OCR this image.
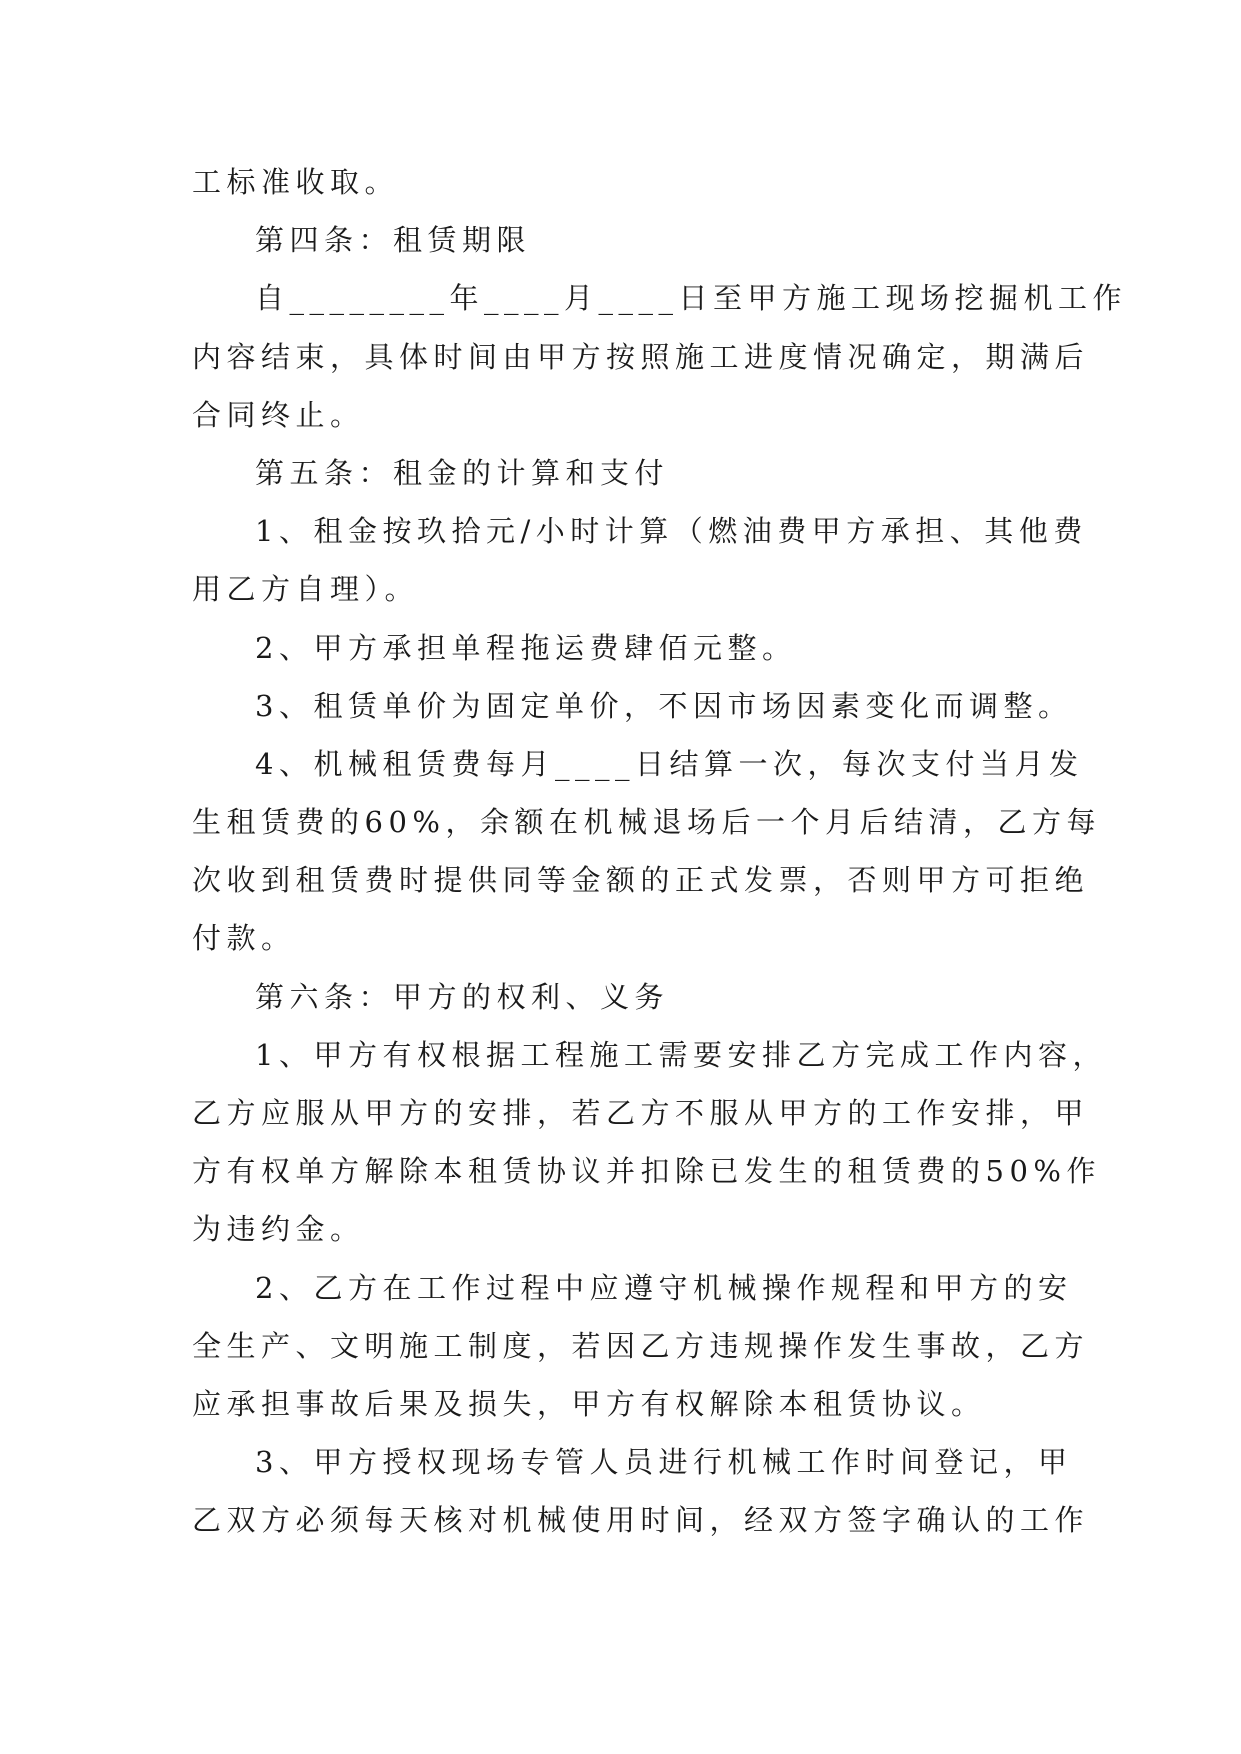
工标准收取。
第四条：租赁期限
自________年____月____日至甲方施工现场挖掘机工作
内容结束，具体时间由甲方按照施工进度情况确定，期满后
合同终止。
第五条：租金的计算和支付
1、租金按玖拾元/小时计算（燃油费甲方承担、其他费
用乙方自理）。
2、甲方承担单程拖运费肆佰元整。
3、租赁单价为固定单价，不因市场因素变化而调整。
4、机械租赁费每月____日结算一次，每次支付当月发
生租赁费的60%，余额在机械退场后一个月后结清，乙方每
次收到租赁费时提供同等金额的正式发票，否则甲方可拒绝
付款。
第六条：甲方的权利、义务
1、甲方有权根据工程施工需要安排乙方完成工作内容，
乙方应服从甲方的安排，若乙方不服从甲方的工作安排，甲
方有权单方解除本租赁协议并扣除已发生的租赁费的50%作
为违约金。
2、乙方在工作过程中应遵守机械操作规程和甲方的安
全生产、文明施工制度，若因乙方违规操作发生事故，乙方
应承担事故后果及损失，甲方有权解除本租赁协议。
3、甲方授权现场专管人员进行机械工作时间登记，甲
乙双方必须每天核对机械使用时间，经双方签字确认的工作
